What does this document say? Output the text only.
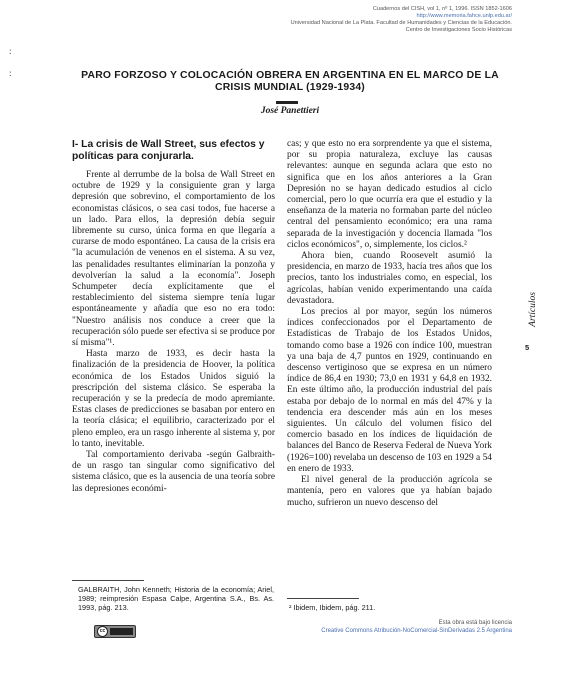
Cuadernos del CISH, vol 1, nº 1, 1996. ISSN 1852-1606
http://www.memoria.fahce.unlp.edu.ar/
Universidad Nacional de La Plata. Facultad de Humanidades y Ciencias de la Educación.
Centro de Investigaciones Socio Históricas
:

:	PARO FORZOSO Y COLOCACIÓN OBRERA EN ARGENTINA EN EL MARCO DE LA CRISIS MUNDIAL (1929-1934)
José Panettieri

I- La crisis de Wall Street, sus efectos y políticas para conjurarla.

Frente al derrumbe de la bolsa de Wall Street en octubre de 1929 y la consiguiente gran y larga depresión que sobrevino, el comportamiento de los economistas clásicos, o sea casi todos, fue hacerse a un lado. Para ellos, la depresión debía seguir libremente su curso, única forma en que llegaría a curarse de modo espontáneo. La causa de la crisis era "la acumulación de venenos en el sistema. A su vez, las penalidades resultantes eliminarían la ponzoña y devolverían la salud a la economía". Joseph Schumpeter decía explícitamente que el restablecimiento del sistema siempre tenía lugar espontáneamente y añadía que eso no era todo: "Nuestro análisis nos conduce a creer que la recuperación sólo puede ser efectiva si se produce por sí misma"¹.

Hasta marzo de 1933, es decir hasta la finalización de la presidencia de Hoover, la política económica de los Estados Unidos siguió la prescripción del sistema clásico. Se esperaba la recuperación y se la predecía de modo apremiante. Estas clases de predicciones se basaban por entero en la teoría clásica; el equilibrio, caracterizado por el pleno empleo, era un rasgo inherente al sistema y, por lo tanto, inevitable.

Tal comportamiento derivaba -según Galbraith- de un rasgo tan singular como significativo del sistema clásico, que es la ausencia de una teoría sobre las depresiones económi-

cas; y que esto no era sorprendente ya que el sistema, por su propia naturaleza, excluye las causas relevantes: aunque en segunda aclara que esto no significa que en los años anteriores a la Gran Depresión no se hayan dedicado estudios al ciclo comercial, pero lo que ocurría era que el estudio y la enseñanza de la materia no formaban parte del núcleo central del pensamiento económico; era una rama separada de la investigación y docencia llamada "los ciclos económicos", o, simplemente, los ciclos.²

Ahora bien, cuando Roosevelt asumió la presidencia, en marzo de 1933, hacía tres años que los precios, tanto los industriales como, en especial, los agrícolas, habían venido experimentando una caída devastadora.

Los precios al por mayor, según los números índices confeccionados por el Departamento de Estadísticas de Trabajo de los Estados Unidos, tomando como base a 1926 con índice 100, muestran ya una baja de 4,7 puntos en 1929, continuando en descenso vertiginoso que se expresa en un número índice de 86,4 en 1930; 73,0 en 1931 y 64,8 en 1932. En este último año, la producción industrial del país estaba por debajo de lo normal en más del 47% y la tendencia era descender más aún en los meses siguientes. Un cálculo del volumen físico del comercio basado en los índices de liquidación de balances del Banco de Reserva Federal de Nueva York (1926=100) revelaba un descenso de 103 en 1929 a 54 en enero de 1933.

El nivel general de la producción agrícola se mantenía, pero en valores que ya habían bajado mucho, sufrieron un nuevo descenso del

GALBRAITH, John Kenneth; Historia de la economía; Ariel, 1989; reimpresión Espasa Calpe, Argentina S.A., Bs. As. 1993, pág. 213.	² Ibidem, Ibidem, pág. 211.
Artículos
5
cc
Esta obra está bajo licencia
Creative Commons Atribución-NoComercial-SinDerivadas 2.5 Argentina
